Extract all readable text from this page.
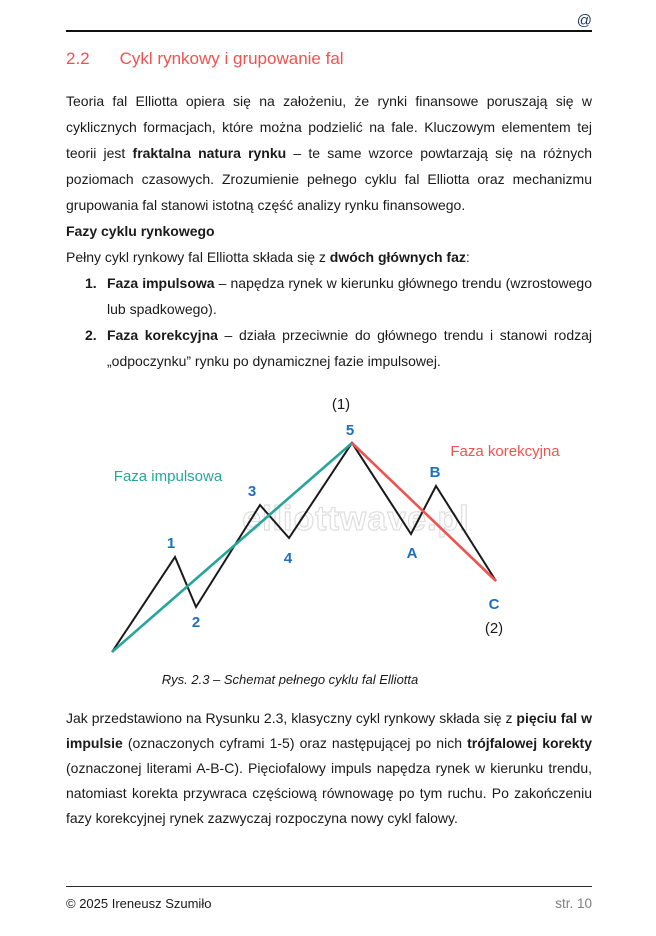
@
2.2 Cykl rynkowy i grupowanie fal

Teoria fal Elliotta opiera się na założeniu, że rynki finansowe poruszają się w cyklicznych formacjach, które można podzielić na fale. Kluczowym elementem tej teorii jest fraktalna natura rynku – te same wzorce powtarzają się na różnych poziomach czasowych. Zrozumienie pełnego cyklu fal Elliotta oraz mechanizmu grupowania fal stanowi istotną część analizy rynku finansowego.

Fazy cyklu rynkowego

Pełny cykl rynkowy fal Elliotta składa się z dwóch głównych faz:

1. Faza impulsowa – napędza rynek w kierunku głównego trendu (wzrostowego lub spadkowego).
2. Faza korekcyjna – działa przeciwnie do głównego trendu i stanowi rodzaj „odpoczynku” rynku po dynamicznej fazie impulsowej.
elliottwave.pl
Faza impulsowa
Faza korekcyjna
1
2
3
4
5
A
B
C
(1)
(2)
Rys. 2.3 – Schemat pełnego cyklu fal Elliotta

Jak przedstawiono na Rysunku 2.3, klasyczny cykl rynkowy składa się z pięciu fal w impulsie (oznaczonych cyframi 1-5) oraz następującej po nich trójfalowej korekty (oznaczonej literami A-B-C). Pięciofalowy impuls napędza rynek w kierunku trendu, natomiast korekta przywraca częściową równowagę po tym ruchu. Po zakończeniu fazy korekcyjnej rynek zazwyczaj rozpoczyna nowy cykl falowy.

© 2025 Ireneusz Szumiło	str. 10
